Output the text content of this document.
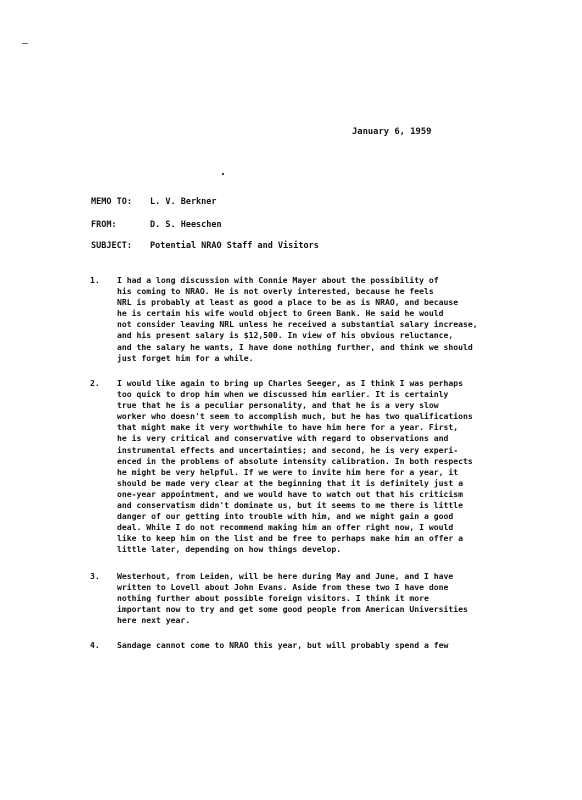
January 6, 1959
MEMO TO: L. V. Berkner
FROM:	D. S. Heeschen
SUBJECT: Potential NRAO Staff and Visitors
1.	I had a long discussion with Connie Mayer about the possibility of
his coming to NRAO. He is not overly interested, because he feels
NRL is probably at least as good a place to be as is NRAO, and because
he is certain his wife would object to Green Bank. He said he would
not consider leaving NRL unless he received a substantial salary increase,
and his present salary is $12,500. In view of his obvious reluctance,
and the salary he wants, I have done nothing further, and think we should
just forget him for a while.
2.	I would like again to bring up Charles Seeger, as I think I was perhaps
too quick to drop him when we discussed him earlier. It is certainly
true that he is a peculiar personality, and that he is a very slow
worker who doesn't seem to accomplish much, but he has two qualifications
that might make it very worthwhile to have him here for a year. First,
he is very critical and conservative with regard to observations and
instrumental effects and uncertainties; and second, he is very experi-
enced in the problems of absolute intensity calibration. In both respects
he might be very helpful. If we were to invite him here for a year, it
should be made very clear at the beginning that it is definitely just a
one-year appointment, and we would have to watch out that his criticism
and conservatism didn't dominate us, but it seems to me there is little
danger of our getting into trouble with him, and we might gain a good
deal. While I do not recommend making him an offer right now, I would
like to keep him on the list and be free to perhaps make him an offer a
little later, depending on how things develop.
3.	Westerhout, from Leiden, will be here during May and June, and I have
written to Lovell about John Evans. Aside from these two I have done
nothing further about possible foreign visitors. I think it more
important now to try and get some good people from American Universities
here next year.
4.	Sandage cannot come to NRAO this year, but will probably spend a few
